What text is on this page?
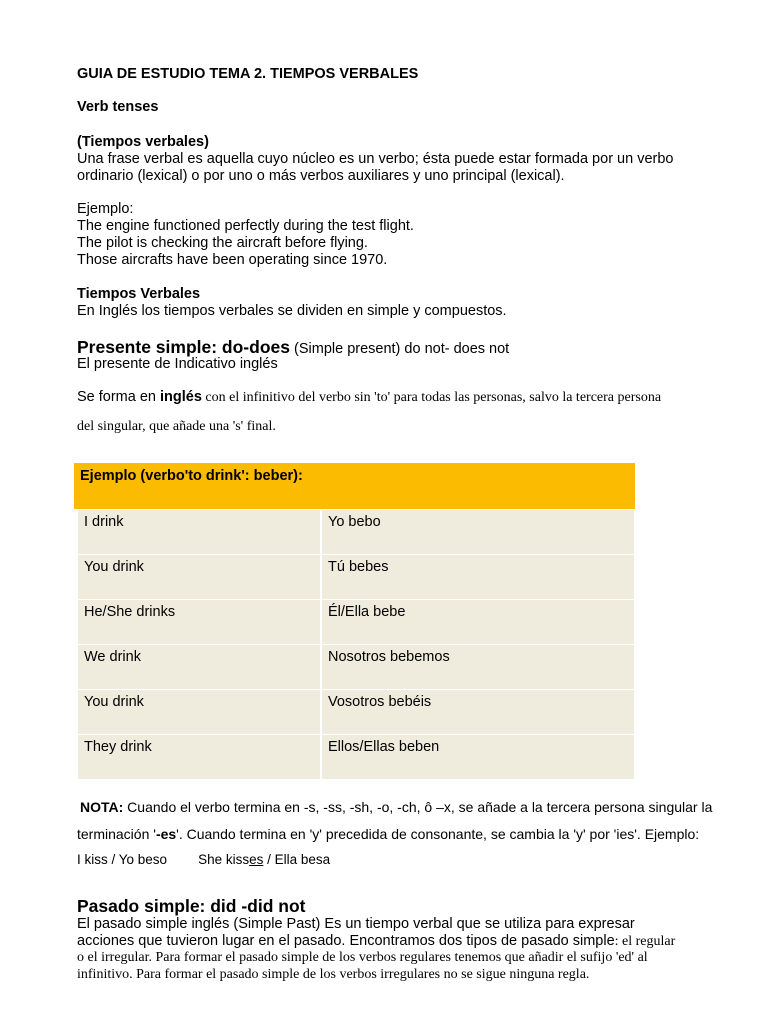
GUIA DE ESTUDIO TEMA 2. TIEMPOS VERBALES
Verb tenses
(Tiempos verbales)
Una frase verbal es aquella cuyo núcleo es un verbo; ésta puede estar formada por un verbo
ordinario (lexical) o por uno o más verbos auxiliares y uno principal (lexical).
Ejemplo:
The engine functioned perfectly during the test flight.
The pilot is checking the aircraft before flying.
Those aircrafts have been operating since 1970.
Tiempos Verbales
En Inglés los tiempos verbales se dividen en simple y compuestos.
Presente simple: do-does (Simple present) do not- does not
El presente de Indicativo inglés
Se forma en inglés con el infinitivo del verbo sin 'to' para todas las personas, salvo la tercera persona
del singular, que añade una 's' final.
Ejemplo (verbo'to drink': beber):
I drink	Yo bebo
You drink	Tú bebes
He/She drinks	Él/Ella bebe
We drink	Nosotros bebemos
You drink	Vosotros bebéis
They drink	Ellos/Ellas beben
NOTA: Cuando el verbo termina en -s, -ss, -sh, -o, -ch, ô –x, se añade a la tercera persona singular la
terminación '-es'. Cuando termina en 'y' precedida de consonante, se cambia la 'y' por 'ies'. Ejemplo:
I kiss / Yo beso She kisses / Ella besa
Pasado simple: did -did not
El pasado simple inglés (Simple Past) Es un tiempo verbal que se utiliza para expresar
acciones que tuvieron lugar en el pasado. Encontramos dos tipos de pasado simple: el regular
o el irregular. Para formar el pasado simple de los verbos regulares tenemos que añadir el sufijo 'ed' al
infinitivo. Para formar el pasado simple de los verbos irregulares no se sigue ninguna regla.
